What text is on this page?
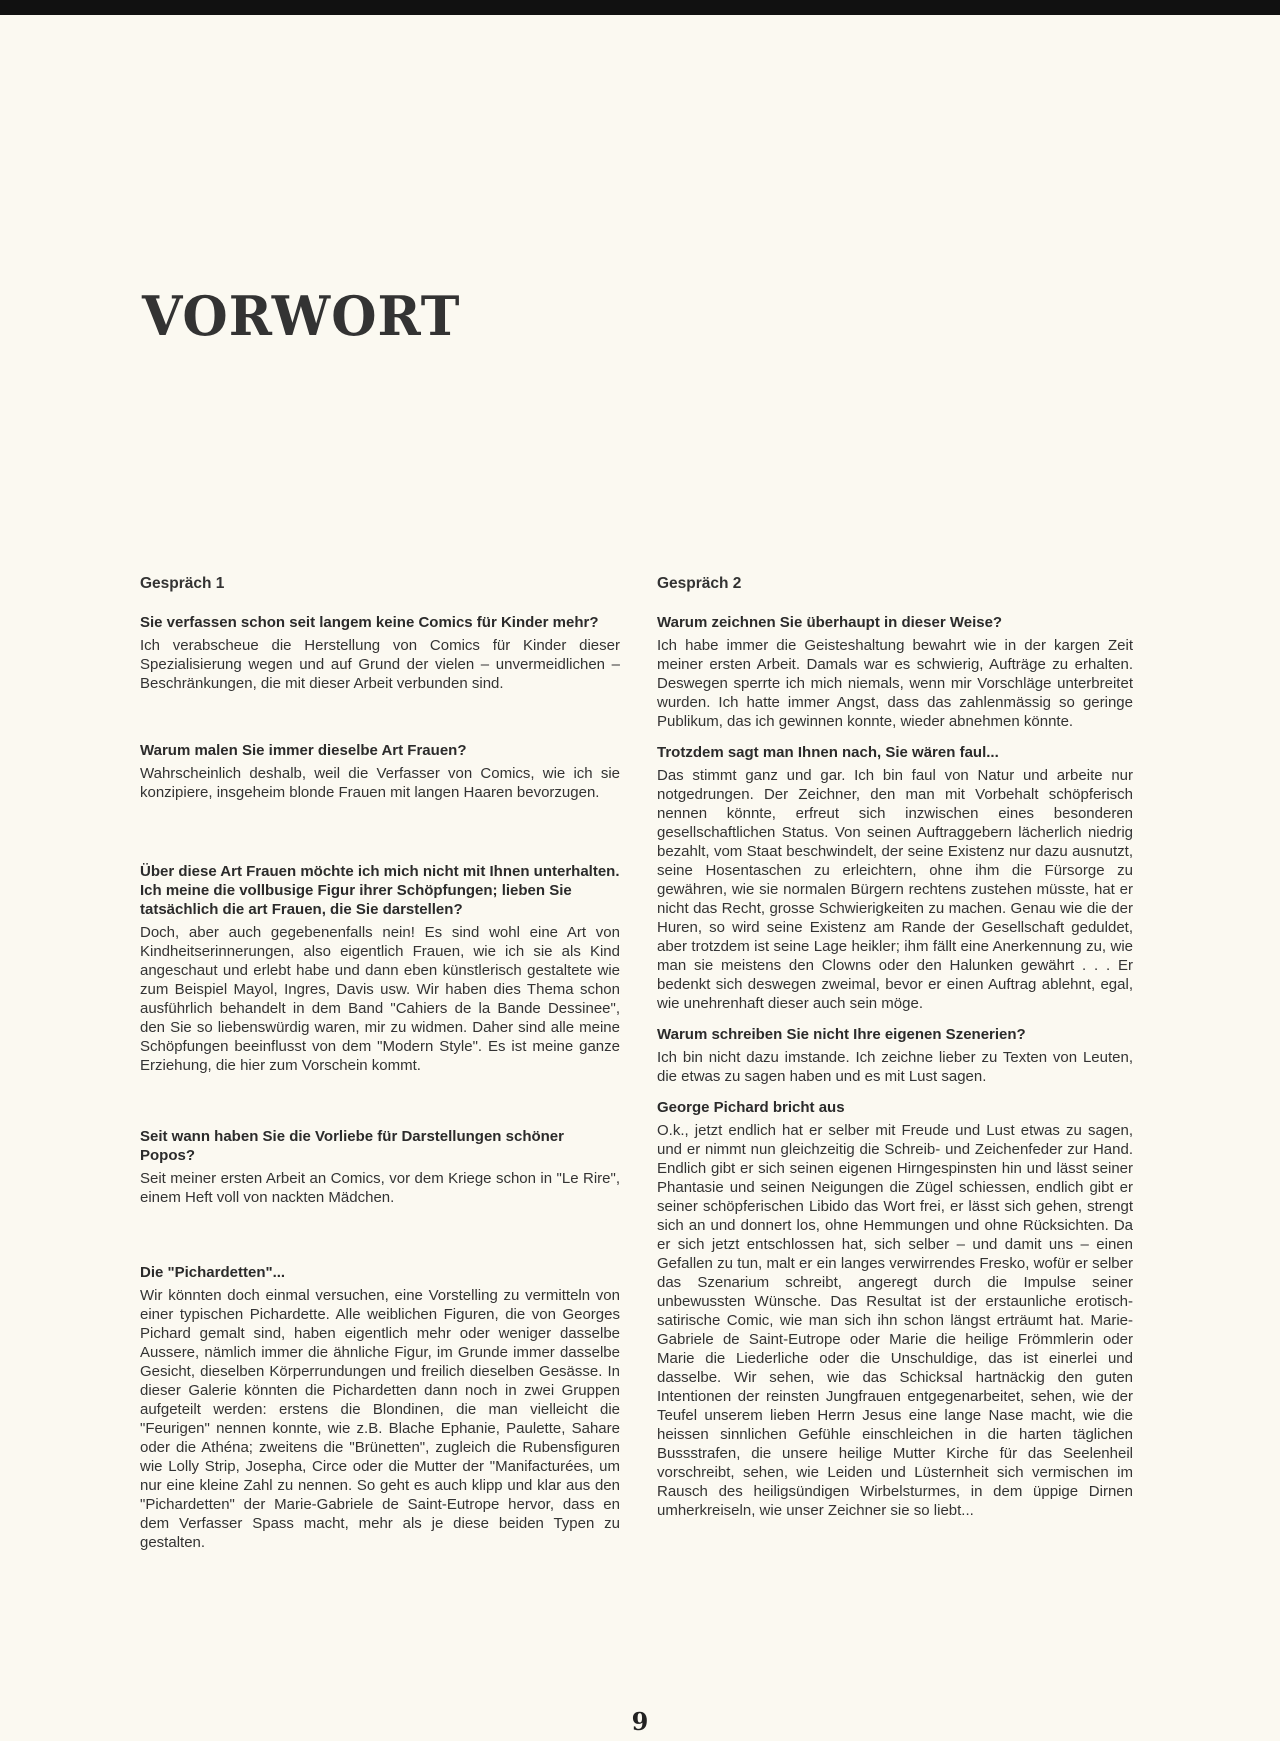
VORWORT

Gespräch 1

Sie verfassen schon seit langem keine Comics für Kinder mehr?

Ich verabscheue die Herstellung von Comics für Kinder dieser Spezialisierung wegen und auf Grund der vielen – unvermeidlichen – Beschränkungen, die mit dieser Arbeit verbunden sind.

Warum malen Sie immer dieselbe Art Frauen?

Wahrscheinlich deshalb, weil die Verfasser von Comics, wie ich sie konzipiere, insgeheim blonde Frauen mit langen Haaren bevorzugen.

Über diese Art Frauen möchte ich mich nicht mit Ihnen unterhalten. Ich meine die vollbusige Figur ihrer Schöpfungen; lieben Sie tatsächlich die art Frauen, die Sie darstellen?

Doch, aber auch gegebenenfalls nein! Es sind wohl eine Art von Kindheitserinnerungen, also eigentlich Frauen, wie ich sie als Kind angeschaut und erlebt habe und dann eben künstlerisch gestaltete wie zum Beispiel Mayol, Ingres, Davis usw. Wir haben dies Thema schon ausführlich behandelt in dem Band "Cahiers de la Bande Dessinee", den Sie so liebenswürdig waren, mir zu widmen. Daher sind alle meine Schöpfungen beeinflusst von dem "Modern Style". Es ist meine ganze Erziehung, die hier zum Vorschein kommt.

Seit wann haben Sie die Vorliebe für Darstellungen schöner Popos?

Seit meiner ersten Arbeit an Comics, vor dem Kriege schon in "Le Rire", einem Heft voll von nackten Mädchen.

Die "Pichardetten"...

Wir könnten doch einmal versuchen, eine Vorstelling zu vermitteln von einer typischen Pichardette. Alle weiblichen Figuren, die von Georges Pichard gemalt sind, haben eigentlich mehr oder weniger dasselbe Aussere, nämlich immer die ähnliche Figur, im Grunde immer dasselbe Gesicht, dieselben Körperrundungen und freilich dieselben Gesässe. In dieser Galerie könnten die Pichardetten dann noch in zwei Gruppen aufgeteilt werden: erstens die Blondinen, die man vielleicht die "Feurigen" nennen konnte, wie z.B. Blache Ephanie, Paulette, Sahare oder die Athéna; zweitens die "Brünetten", zugleich die Rubensfiguren wie Lolly Strip, Josepha, Circe oder die Mutter der "Manifacturées, um nur eine kleine Zahl zu nennen. So geht es auch klipp und klar aus den "Pichardetten" der Marie-Gabriele de Saint-Eutrope hervor, dass en dem Verfasser Spass macht, mehr als je diese beiden Typen zu gestalten.

Gespräch 2

Warum zeichnen Sie überhaupt in dieser Weise?

Ich habe immer die Geisteshaltung bewahrt wie in der kargen Zeit meiner ersten Arbeit. Damals war es schwierig, Aufträge zu erhalten. Deswegen sperrte ich mich niemals, wenn mir Vorschläge unterbreitet wurden. Ich hatte immer Angst, dass das zahlenmässig so geringe Publikum, das ich gewinnen konnte, wieder abnehmen könnte.

Trotzdem sagt man Ihnen nach, Sie wären faul...

Das stimmt ganz und gar. Ich bin faul von Natur und arbeite nur notgedrungen. Der Zeichner, den man mit Vorbehalt schöpferisch nennen könnte, erfreut sich inzwischen eines besonderen gesellschaftlichen Status. Von seinen Auftraggebern lächerlich niedrig bezahlt, vom Staat beschwindelt, der seine Existenz nur dazu ausnutzt, seine Hosentaschen zu erleichtern, ohne ihm die Fürsorge zu gewähren, wie sie normalen Bürgern rechtens zustehen müsste, hat er nicht das Recht, grosse Schwierigkeiten zu machen. Genau wie die der Huren, so wird seine Existenz am Rande der Gesellschaft geduldet, aber trotzdem ist seine Lage heikler; ihm fällt eine Anerkennung zu, wie man sie meistens den Clowns oder den Halunken gewährt . . . Er bedenkt sich deswegen zweimal, bevor er einen Auftrag ablehnt, egal, wie unehrenhaft dieser auch sein möge.

Warum schreiben Sie nicht Ihre eigenen Szenerien?

Ich bin nicht dazu imstande. Ich zeichne lieber zu Texten von Leuten, die etwas zu sagen haben und es mit Lust sagen.

George Pichard bricht aus

O.k., jetzt endlich hat er selber mit Freude und Lust etwas zu sagen, und er nimmt nun gleichzeitig die Schreib- und Zeichenfeder zur Hand. Endlich gibt er sich seinen eigenen Hirngespinsten hin und lässt seiner Phantasie und seinen Neigungen die Zügel schiessen, endlich gibt er seiner schöpferischen Libido das Wort frei, er lässt sich gehen, strengt sich an und donnert los, ohne Hemmungen und ohne Rücksichten. Da er sich jetzt entschlossen hat, sich selber – und damit uns – einen Gefallen zu tun, malt er ein langes verwirrendes Fresko, wofür er selber das Szenarium schreibt, angeregt durch die Impulse seiner unbewussten Wünsche. Das Resultat ist der erstaunliche erotisch-satirische Comic, wie man sich ihn schon längst erträumt hat. Marie-Gabriele de Saint-Eutrope oder Marie die heilige Frömmlerin oder Marie die Liederliche oder die Unschuldige, das ist einerlei und dasselbe. Wir sehen, wie das Schicksal hartnäckig den guten Intentionen der reinsten Jungfrauen entgegenarbeitet, sehen, wie der Teufel unserem lieben Herrn Jesus eine lange Nase macht, wie die heissen sinnlichen Gefühle einschleichen in die harten täglichen Bussstrafen, die unsere heilige Mutter Kirche für das Seelenheil vorschreibt, sehen, wie Leiden und Lüsternheit sich vermischen im Rausch des heiligsündigen Wirbelsturmes, in dem üppige Dirnen umherkreiseln, wie unser Zeichner sie so liebt...

9
